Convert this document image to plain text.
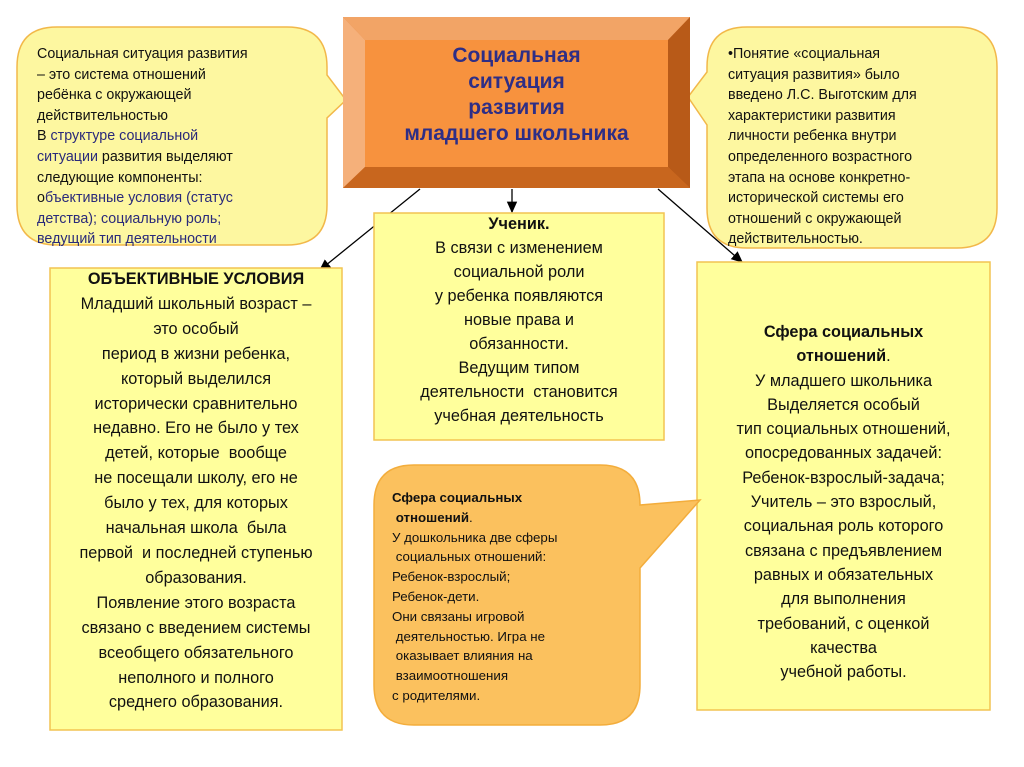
Социальная ситуация развития
– это система отношений
ребёнка с окружающей
действительностью
В структуре социальной
ситуации развития выделяют
следующие компоненты:
объективные условия (статус
детства); социальную роль;
ведущий тип деятельности
•Понятие «социальная
ситуация развития» было
введено Л.С. Выготским для
характеристики развития
личности ребенка внутри
определенного возрастного
этапа на основе конкретно-
исторической системы его
отношений с окружающей
действительностью.
Социальная
ситуация
развития
младшего школьника
Ученик.
В связи с изменением
социальной роли
у ребенка появляются
новые права и
обязанности.
Ведущим типом
деятельности  становится
учебная деятельность
ОБЪЕКТИВНЫЕ УСЛОВИЯ
Младший школьный возраст –
это особый
период в жизни ребенка,
который выделился
исторически сравнительно
недавно. Его не было у тех
детей, которые  вообще
не посещали школу, его не
было у тех, для которых
начальная школа  была
первой  и последней ступенью
образования.
Появление этого возраста
связано с введением системы
всеобщего обязательного
неполного и полного
среднего образования.
Сфера социальных
отношений.
У младшего школьника
Выделяется особый
тип социальных отношений,
опосредованных задачей:
Ребенок-взрослый-задача;
Учитель – это взрослый,
социальная роль которого
связана с предъявлением
равных и обязательных
для выполнения
требований, с оценкой
качества
учебной работы.
Сфера социальных
отношений.
У дошкольника две сферы
социальных отношений:
Ребенок-взрослый;
Ребенок-дети.
Они связаны игровой
деятельностью. Игра не
оказывает влияния на
взаимоотношения
с родителями.
